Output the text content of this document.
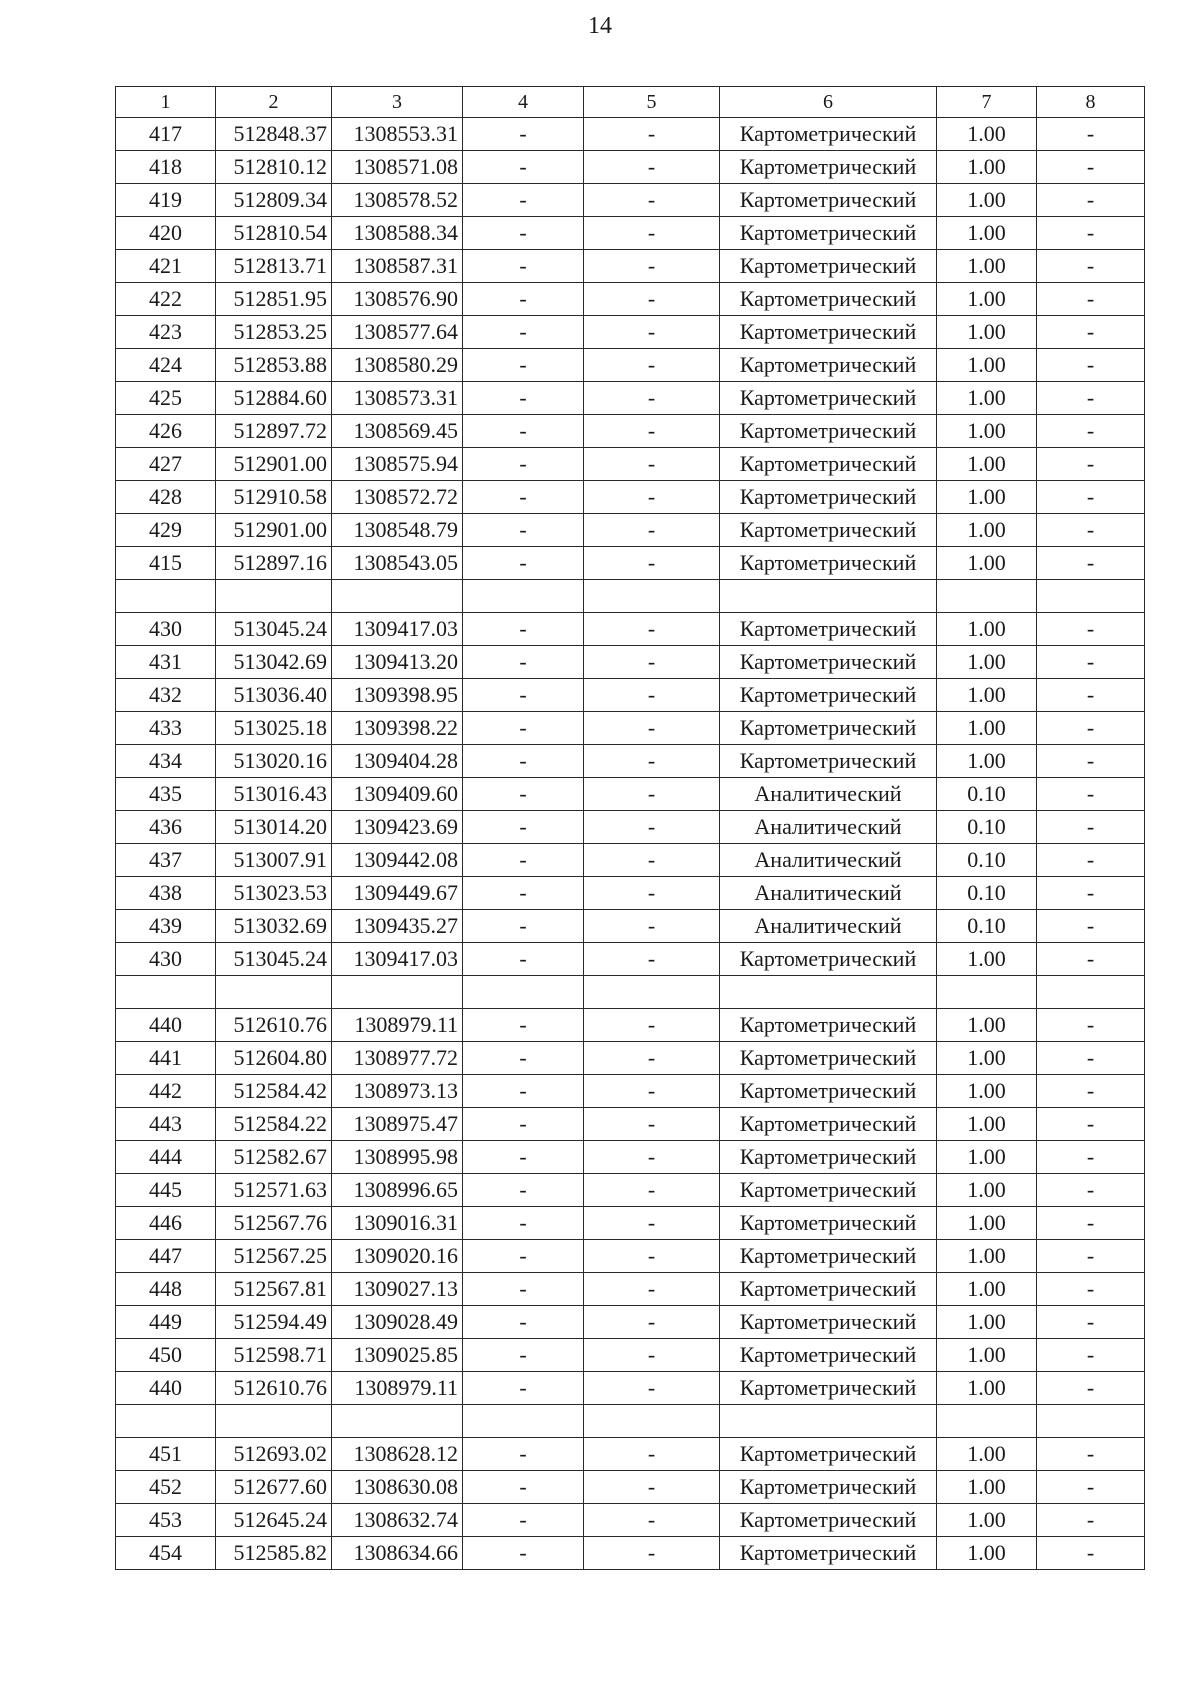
14
1	2	3	4	5	6	7	8
417	512848.37	1308553.31	-	-	Картометрический	1.00	-
418	512810.12	1308571.08	-	-	Картометрический	1.00	-
419	512809.34	1308578.52	-	-	Картометрический	1.00	-
420	512810.54	1308588.34	-	-	Картометрический	1.00	-
421	512813.71	1308587.31	-	-	Картометрический	1.00	-
422	512851.95	1308576.90	-	-	Картометрический	1.00	-
423	512853.25	1308577.64	-	-	Картометрический	1.00	-
424	512853.88	1308580.29	-	-	Картометрический	1.00	-
425	512884.60	1308573.31	-	-	Картометрический	1.00	-
426	512897.72	1308569.45	-	-	Картометрический	1.00	-
427	512901.00	1308575.94	-	-	Картометрический	1.00	-
428	512910.58	1308572.72	-	-	Картометрический	1.00	-
429	512901.00	1308548.79	-	-	Картометрический	1.00	-
415	512897.16	1308543.05	-	-	Картометрический	1.00	-

430	513045.24	1309417.03	-	-	Картометрический	1.00	-
431	513042.69	1309413.20	-	-	Картометрический	1.00	-
432	513036.40	1309398.95	-	-	Картометрический	1.00	-
433	513025.18	1309398.22	-	-	Картометрический	1.00	-
434	513020.16	1309404.28	-	-	Картометрический	1.00	-
435	513016.43	1309409.60	-	-	Аналитический	0.10	-
436	513014.20	1309423.69	-	-	Аналитический	0.10	-
437	513007.91	1309442.08	-	-	Аналитический	0.10	-
438	513023.53	1309449.67	-	-	Аналитический	0.10	-
439	513032.69	1309435.27	-	-	Аналитический	0.10	-
430	513045.24	1309417.03	-	-	Картометрический	1.00	-

440	512610.76	1308979.11	-	-	Картометрический	1.00	-
441	512604.80	1308977.72	-	-	Картометрический	1.00	-
442	512584.42	1308973.13	-	-	Картометрический	1.00	-
443	512584.22	1308975.47	-	-	Картометрический	1.00	-
444	512582.67	1308995.98	-	-	Картометрический	1.00	-
445	512571.63	1308996.65	-	-	Картометрический	1.00	-
446	512567.76	1309016.31	-	-	Картометрический	1.00	-
447	512567.25	1309020.16	-	-	Картометрический	1.00	-
448	512567.81	1309027.13	-	-	Картометрический	1.00	-
449	512594.49	1309028.49	-	-	Картометрический	1.00	-
450	512598.71	1309025.85	-	-	Картометрический	1.00	-
440	512610.76	1308979.11	-	-	Картометрический	1.00	-

451	512693.02	1308628.12	-	-	Картометрический	1.00	-
452	512677.60	1308630.08	-	-	Картометрический	1.00	-
453	512645.24	1308632.74	-	-	Картометрический	1.00	-
454	512585.82	1308634.66	-	-	Картометрический	1.00	-
